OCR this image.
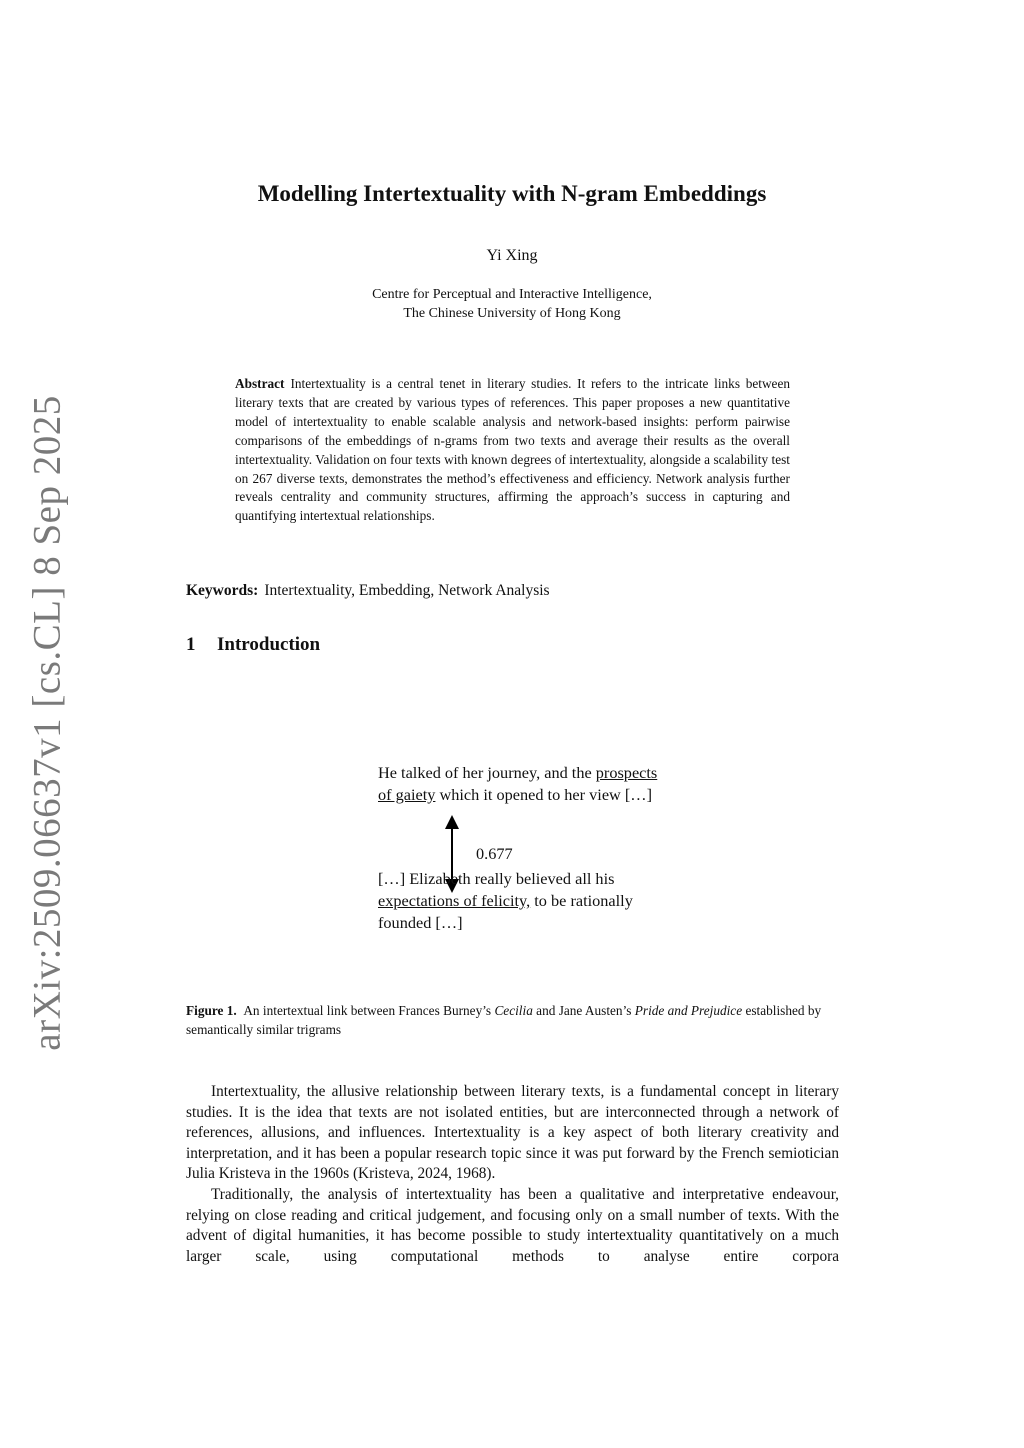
arXiv:2509.06637v1 [cs.CL] 8 Sep 2025
Modelling Intertextuality with N-gram Embeddings
Yi Xing
Centre for Perceptual and Interactive Intelligence,
The Chinese University of Hong Kong

Abstract Intertextuality is a central tenet in literary studies. It refers to the intricate links between literary texts that are created by various types of references. This paper proposes a new quantitative model of intertextuality to enable scalable analysis and network-based insights: perform pairwise comparisons of the embeddings of n-grams from two texts and average their results as the overall intertextuality. Validation on four texts with known degrees of intertextuality, alongside a scalability test on 267 diverse texts, demonstrates the method’s effectiveness and efficiency. Network analysis further reveals centrality and community structures, affirming the approach’s success in capturing and quantifying intertextual relationships.

Keywords: Intertextuality, Embedding, Network Analysis
1 Introduction

He talked of her journey, and the prospects of gaiety which it opened to her view […]

0.677

[…] Elizabeth really believed all his expectations of felicity, to be rationally founded […]

Figure 1. An intertextual link between Frances Burney’s Cecilia and Jane Austen’s Pride and Prejudice established by semantically similar trigrams

Intertextuality, the allusive relationship between literary texts, is a fundamental concept in literary studies. It is the idea that texts are not isolated entities, but are interconnected through a network of references, allusions, and influences. Intertextuality is a key aspect of both literary creativity and interpretation, and it has been a popular research topic since it was put forward by the French semiotician Julia Kristeva in the 1960s (Kristeva, 2024, 1968).

Traditionally, the analysis of intertextuality has been a qualitative and interpretative endeavour, relying on close reading and critical judgement, and focusing only on a small number of texts. With the advent of digital humanities, it has become possible to study intertextuality quantitatively on a much larger scale, using computational methods to analyse entire corpora
